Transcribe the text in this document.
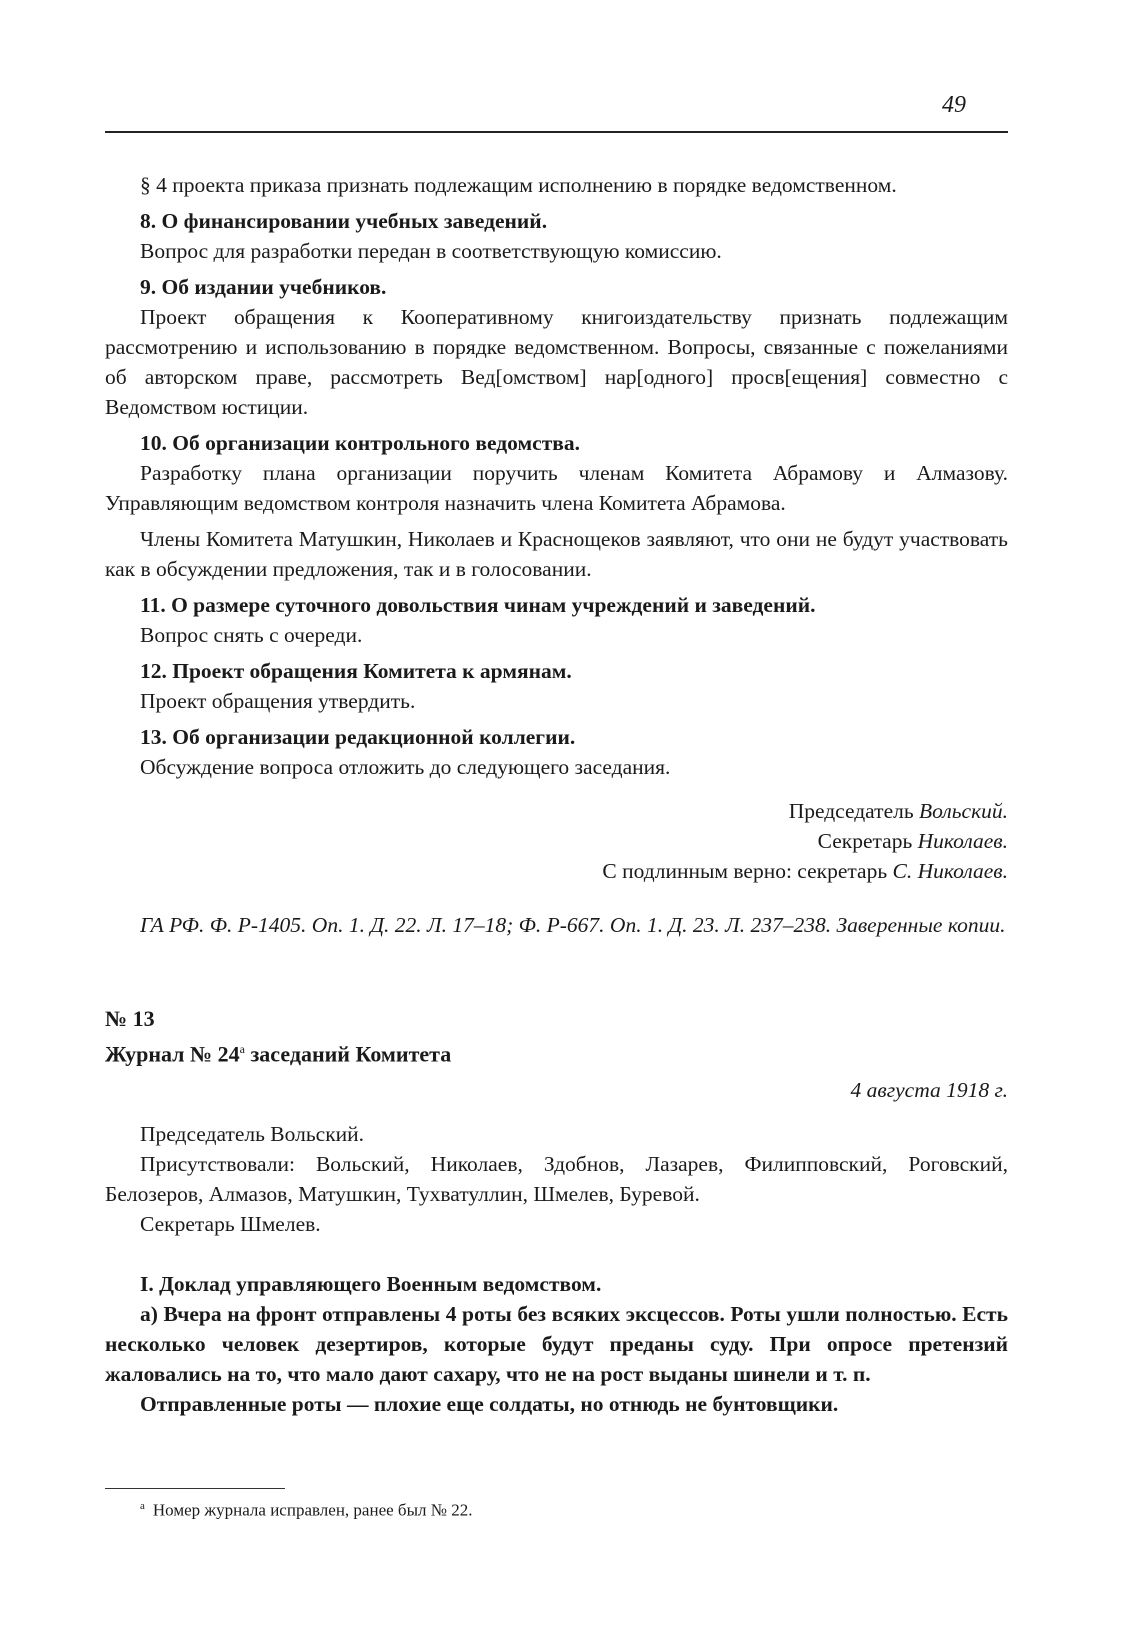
49

§ 4 проекта приказа признать подлежащим исполнению в порядке ведомственном.

8. О финансировании учебных заведений.

Вопрос для разработки передан в соответствующую комиссию.

9. Об издании учебников.

Проект обращения к Кооперативному книгоиздательству признать подлежащим рассмотрению и использованию в порядке ведомственном. Вопросы, связанные с пожеланиями об авторском праве, рассмотреть Вед[омством] нар[одного] просв[ещения] совместно с Ведомством юстиции.

10. Об организации контрольного ведомства.

Разработку плана организации поручить членам Комитета Абрамову и Алмазову. Управляющим ведомством контроля назначить члена Комитета Абрамова.

Члены Комитета Матушкин, Николаев и Краснощеков заявляют, что они не будут участвовать как в обсуждении предложения, так и в голосовании.

11. О размере суточного довольствия чинам учреждений и заведений.

Вопрос снять с очереди.

12. Проект обращения Комитета к армянам.

Проект обращения утвердить.

13. Об организации редакционной коллегии.

Обсуждение вопроса отложить до следующего заседания.

Председатель Вольский.

Секретарь Николаев.

С подлинным верно: секретарь С. Николаев.

ГА РФ. Ф. Р-1405. Оп. 1. Д. 22. Л. 17–18; Ф. Р-667. Оп. 1. Д. 23. Л. 237–238. Заверенные копии.

№ 13

Журнал № $24^а$ заседаний Комитета

4 августа 1918 г.

Председатель Вольский.

Присутствовали: Вольский, Николаев, Здобнов, Лазарев, Филипповский, Роговский, Белозеров, Алмазов, Матушкин, Тухватуллин, Шмелев, Буревой.

Секретарь Шмелев.

I. Доклад управляющего Военным ведомством.

а) Вчера на фронт отправлены 4 роты без всяких эксцессов. Роты ушли полностью. Есть несколько человек дезертиров, которые будут преданы суду. При опросе претензий жаловались на то, что мало дают сахару, что не на рост выданы шинели и т. п.

Отправленные роты — плохие еще солдаты, но отнюдь не бунтовщики.

$^а$ Номер журнала исправлен, ранее был № 22.
